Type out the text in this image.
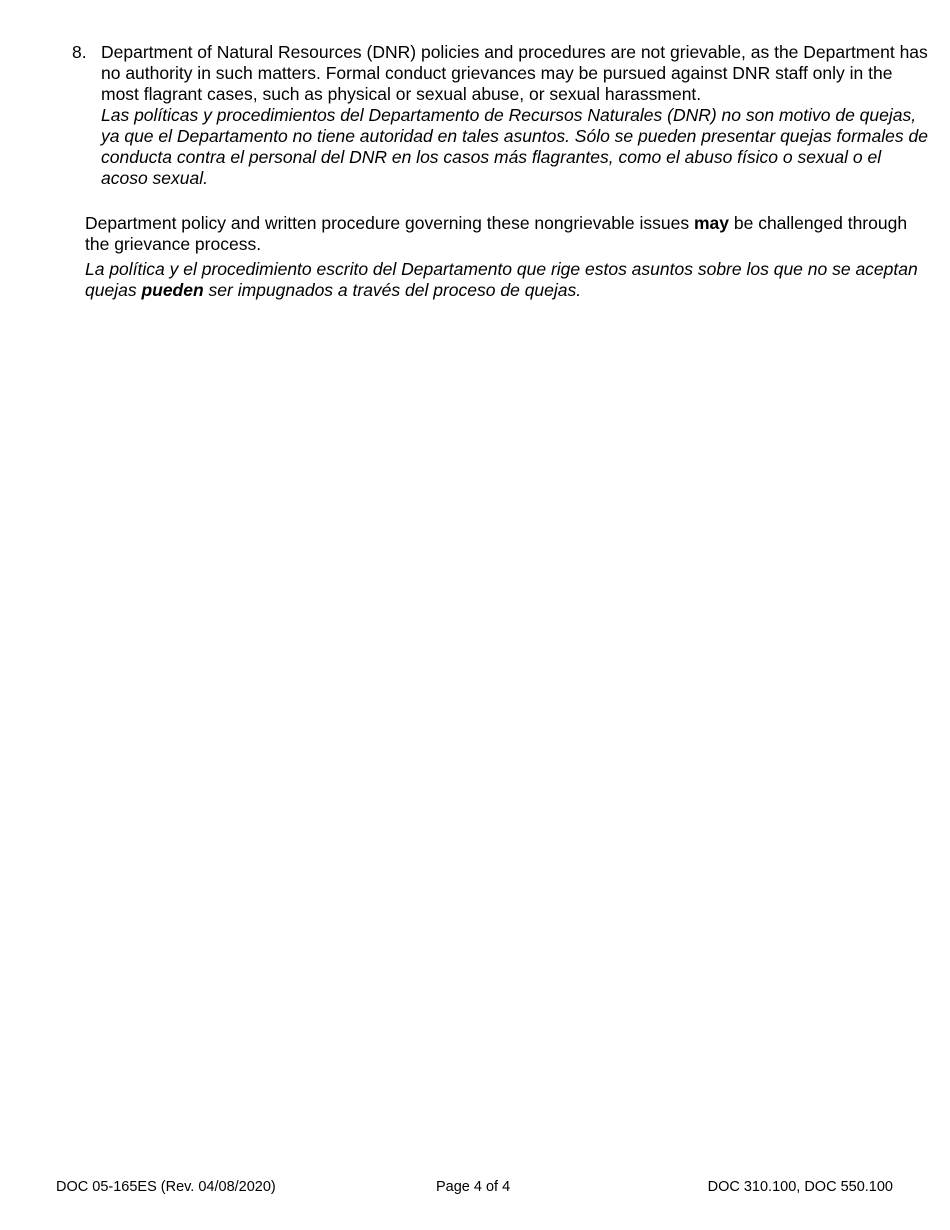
8. Department of Natural Resources (DNR) policies and procedures are not grievable, as the Department has no authority in such matters. Formal conduct grievances may be pursued against DNR staff only in the most flagrant cases, such as physical or sexual abuse, or sexual harassment.

Las políticas y procedimientos del Departamento de Recursos Naturales (DNR) no son motivo de quejas, ya que el Departamento no tiene autoridad en tales asuntos. Sólo se pueden presentar quejas formales de conducta contra el personal del DNR en los casos más flagrantes, como el abuso físico o sexual o el acoso sexual.

Department policy and written procedure governing these nongrievable issues may be challenged through the grievance process.

La política y el procedimiento escrito del Departamento que rige estos asuntos sobre los que no se aceptan quejas pueden ser impugnados a través del proceso de quejas.

DOC 05-165ES (Rev. 04/08/2020)	Page 4 of 4	DOC 310.100, DOC 550.100
